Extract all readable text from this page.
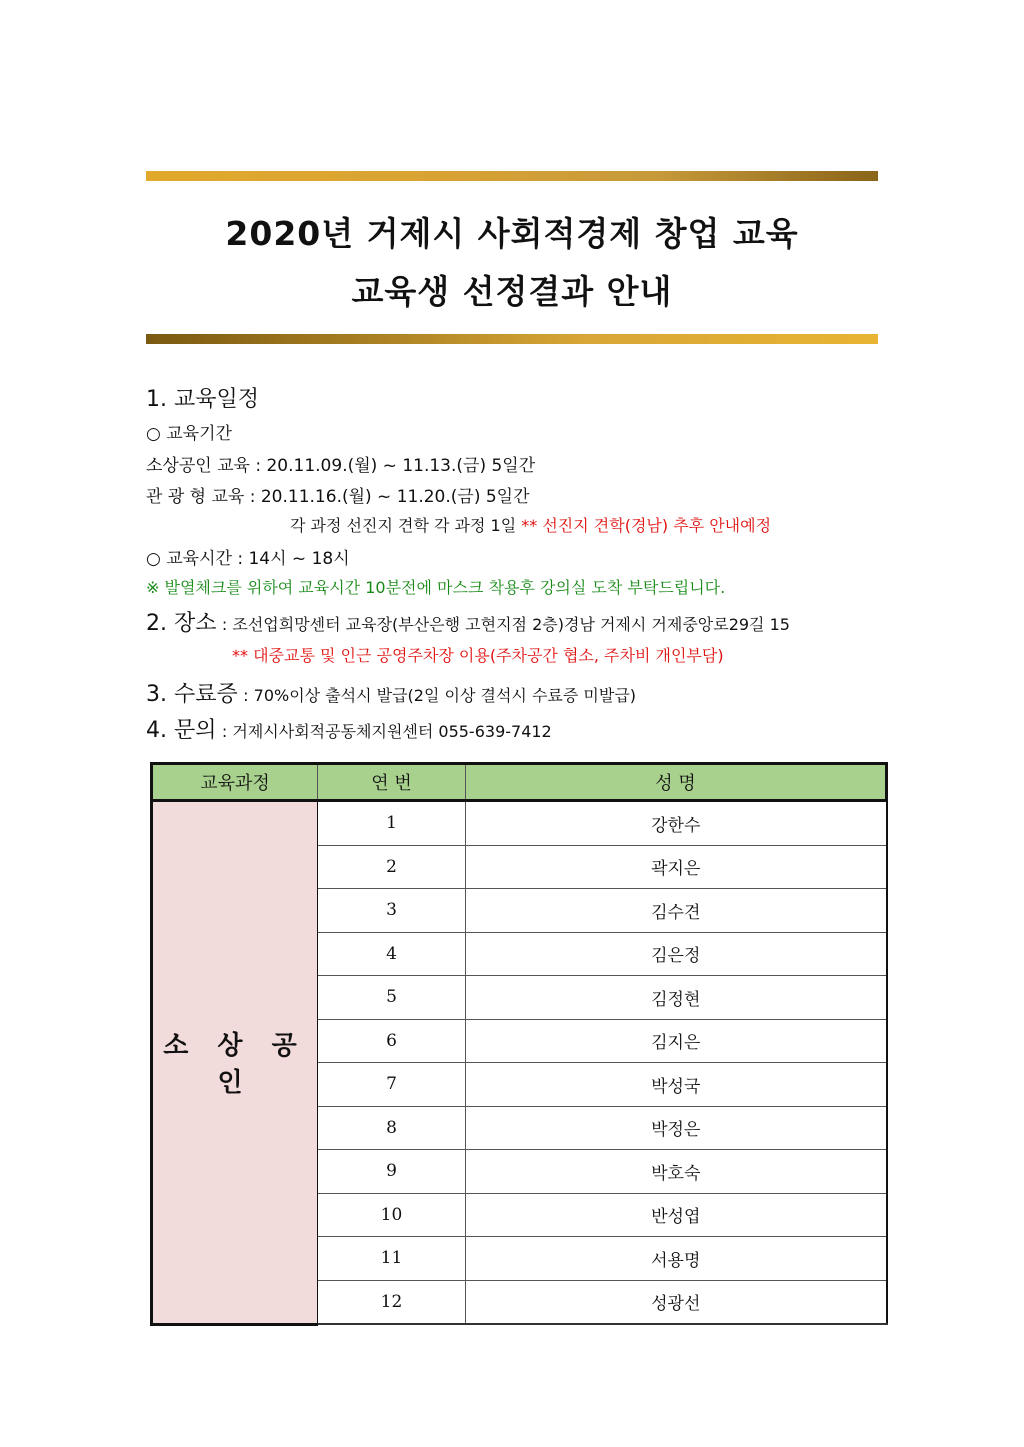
2020년 거제시 사회적경제 창업 교육
교육생 선정결과 안내
1. 교육일정
○ 교육기간
소상공인 교육 : 20.11.09.(월) ~ 11.13.(금) 5일간
관 광 형 교육 : 20.11.16.(월) ~ 11.20.(금) 5일간
각 과정 선진지 견학 각 과정 1일 ** 선진지 견학(경남) 추후 안내예정
○ 교육시간 : 14시 ~ 18시
※ 발열체크를 위하여 교육시간 10분전에 마스크 착용후 강의실 도착 부탁드립니다.
2. 장소 : 조선업희망센터 교육장(부산은행 고현지점 2층)경남 거제시 거제중앙로29길 15
** 대중교통 및 인근 공영주차장 이용(주차공간 협소, 주차비 개인부담)
3. 수료증 : 70%이상 출석시 발급(2일 이상 결석시 수료증 미발급)
4. 문의 : 거제시사회적공동체지원센터 055-639-7412
교육과정	연 번	성 명
소 상 공 인	1	강한수
	2	곽지은
	3	김수견
	4	김은정
	5	김정현
	6	김지은
	7	박성국
	8	박정은
	9	박호숙
	10	반성엽
	11	서용명
	12	성광선
